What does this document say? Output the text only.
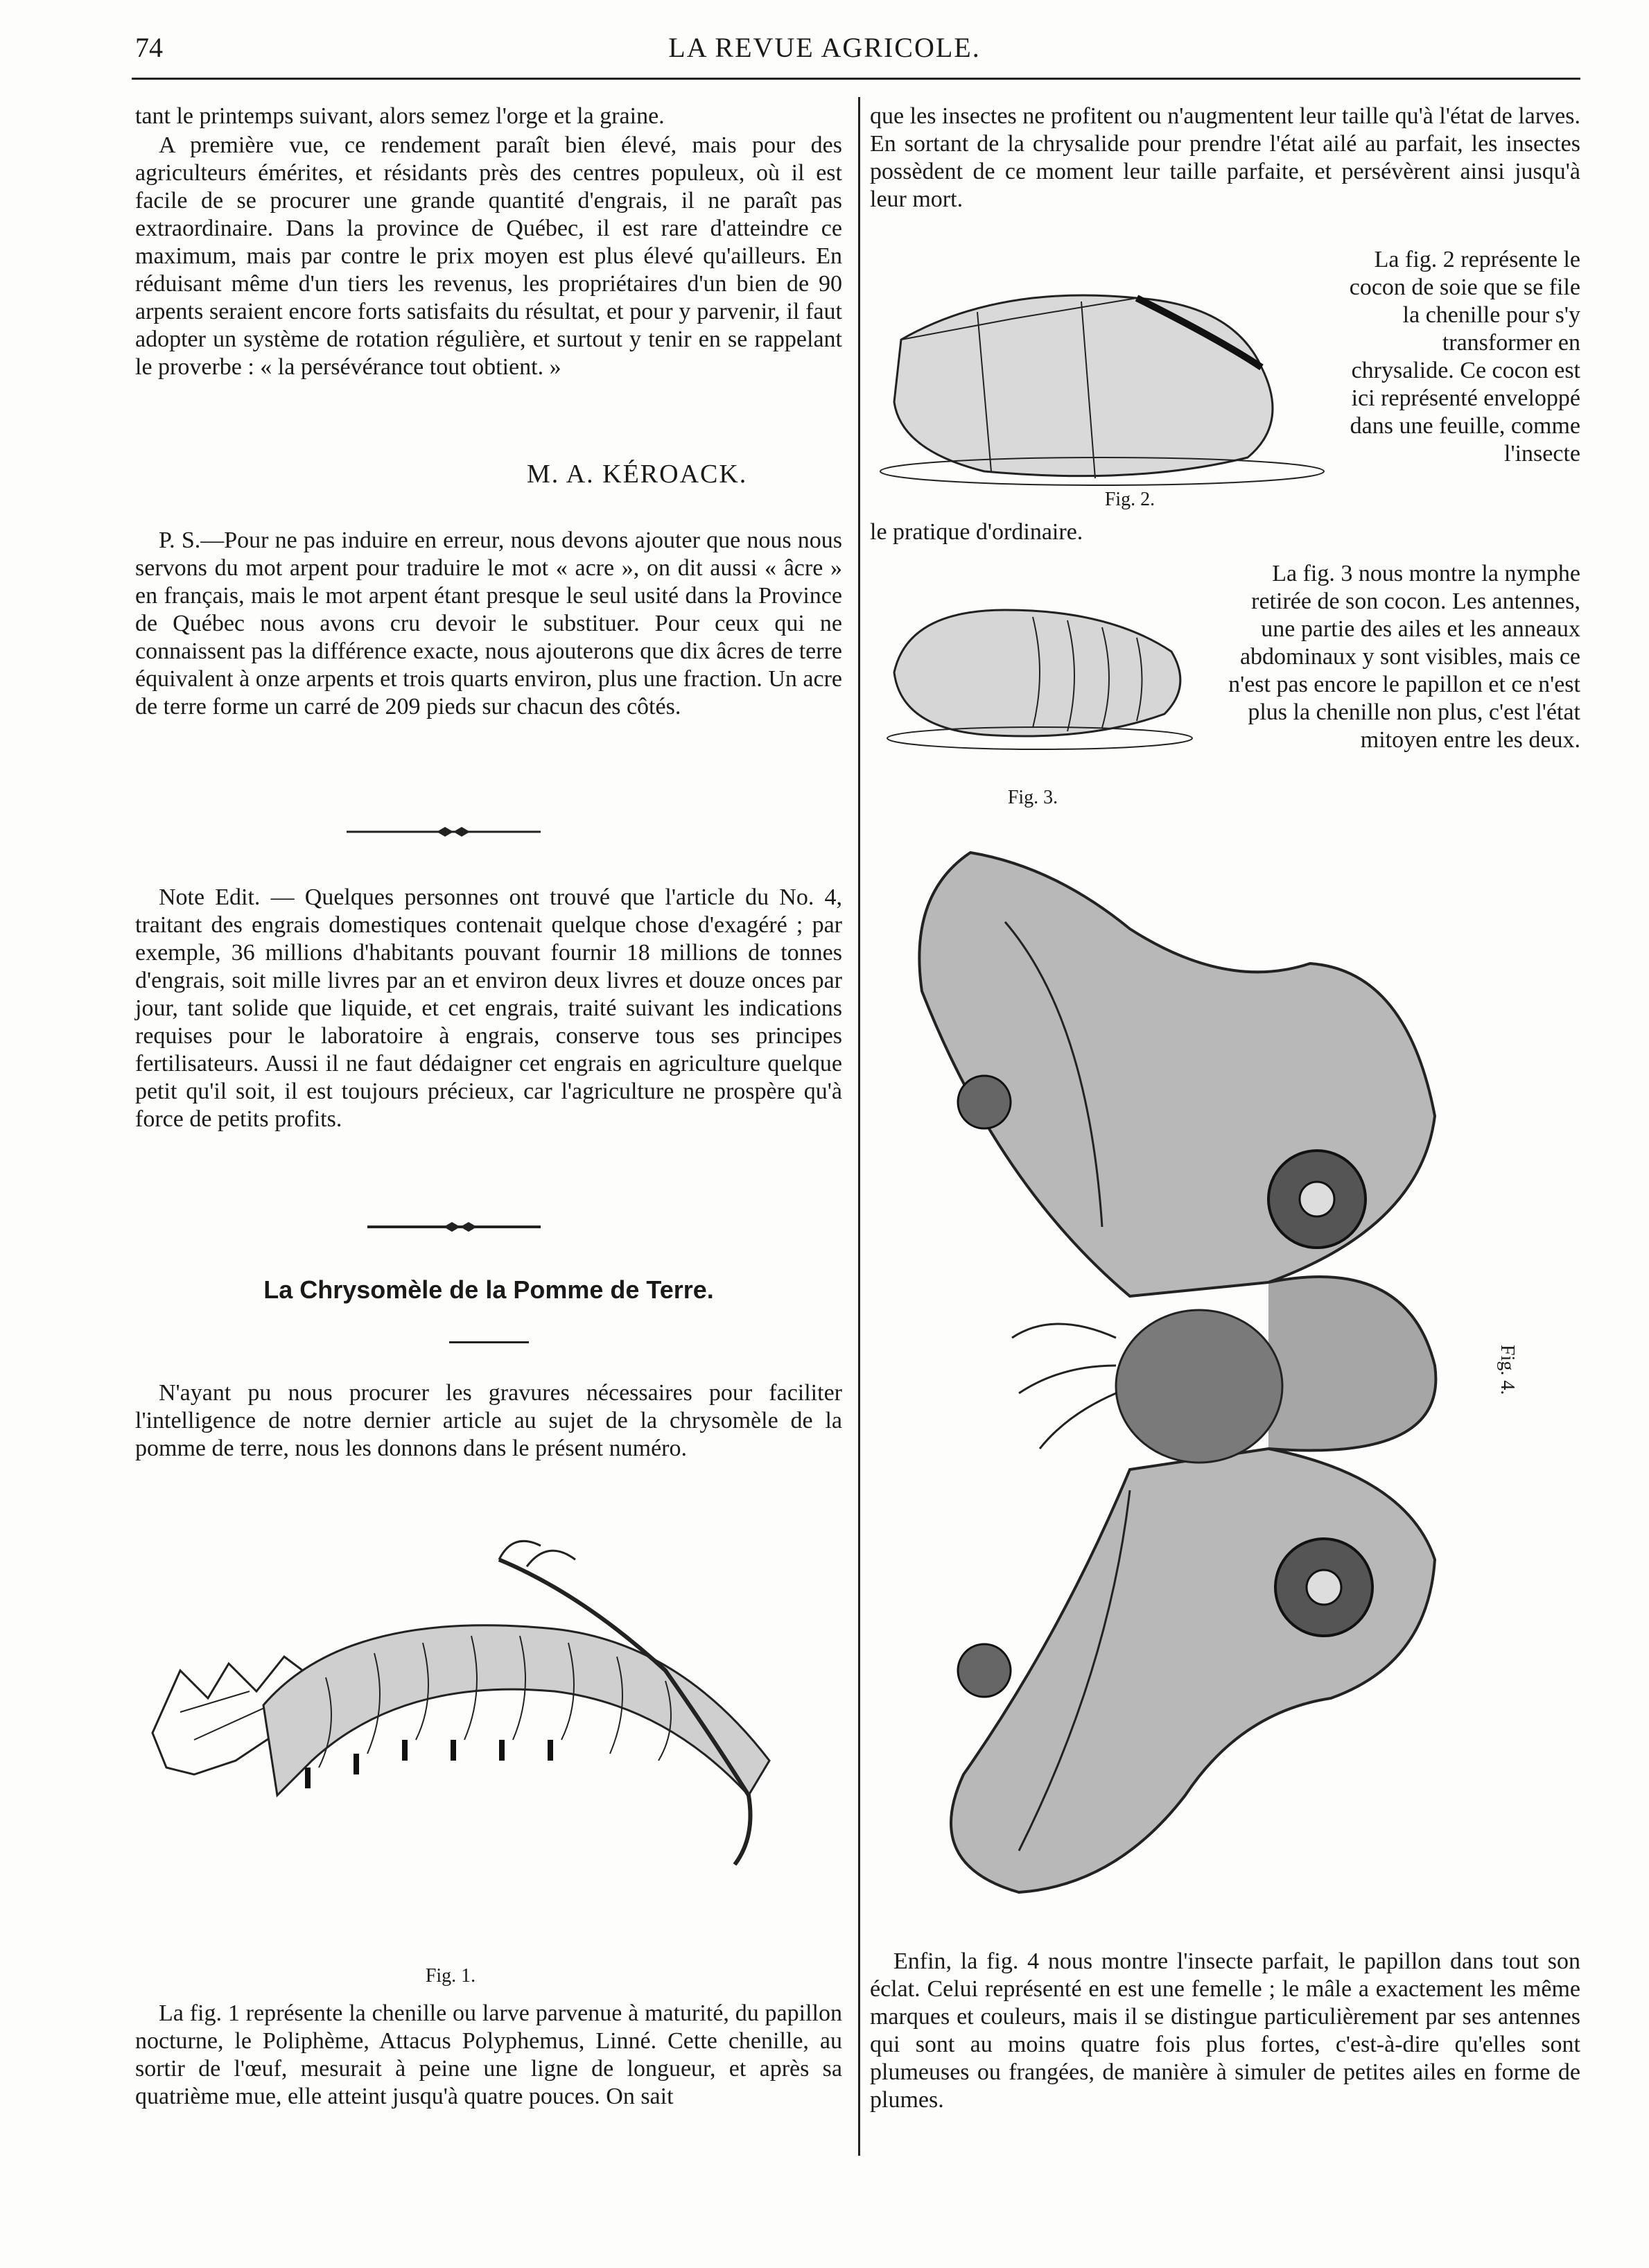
74	LA REVUE AGRICOLE.

tant le printemps suivant, alors semez l'orge et la graine.

A première vue, ce rendement paraît bien élevé, mais pour des agriculteurs émérites, et résidants près des centres populeux, où il est facile de se procurer une grande quantité d'engrais, il ne paraît pas extraordinaire. Dans la province de Québec, il est rare d'atteindre ce maximum, mais par contre le prix moyen est plus élevé qu'ailleurs. En réduisant même d'un tiers les revenus, les propriétaires d'un bien de 90 arpents seraient encore forts satisfaits du résultat, et pour y parvenir, il faut adopter un système de rotation régulière, et surtout y tenir en se rappelant le proverbe : « la persévérance tout obtient. »

M. A. KÉROACK.

P. S.—Pour ne pas induire en erreur, nous devons ajouter que nous nous servons du mot arpent pour traduire le mot « acre », on dit aussi « âcre » en français, mais le mot arpent étant presque le seul usité dans la Province de Québec nous avons cru devoir le substituer. Pour ceux qui ne connaissent pas la différence exacte, nous ajouterons que dix âcres de terre équivalent à onze arpents et trois quarts environ, plus une fraction. Un acre de terre forme un carré de 209 pieds sur chacun des côtés.

Note Edit. — Quelques personnes ont trouvé que l'article du No. 4, traitant des engrais domestiques contenait quelque chose d'exagéré ; par exemple, 36 millions d'habitants pouvant fournir 18 millions de tonnes d'engrais, soit mille livres par an et environ deux livres et douze onces par jour, tant solide que liquide, et cet engrais, traité suivant les indications requises pour le laboratoire à engrais, conserve tous ses principes fertilisateurs. Aussi il ne faut dédaigner cet engrais en agriculture quelque petit qu'il soit, il est toujours précieux, car l'agriculture ne prospère qu'à force de petits profits.

La Chrysomèle de la Pomme de Terre.

N'ayant pu nous procurer les gravures nécessaires pour faciliter l'intelligence de notre dernier article au sujet de la chrysomèle de la pomme de terre, nous les donnons dans le présent numéro.

Fig. 1.

La fig. 1 représente la chenille ou larve parvenue à maturité, du papillon nocturne, le Poliphème, Attacus Polyphemus, Linné. Cette chenille, au sortir de l'œuf, mesurait à peine une ligne de longueur, et après sa quatrième mue, elle atteint jusqu'à quatre pouces. On sait

que les insectes ne profitent ou n'augmentent leur taille qu'à l'état de larves. En sortant de la chrysalide pour prendre l'état ailé au parfait, les insectes possèdent de ce moment leur taille parfaite, et persévèrent ainsi jusqu'à leur mort.

Fig. 2.

La fig. 2 représente le cocon de soie que se file la chenille pour s'y transformer en chrysalide. Ce cocon est ici représenté enveloppé dans une feuille, comme l'insecte

le pratique d'ordinaire.

Fig. 3.

La fig. 3 nous montre la nymphe retirée de son cocon. Les antennes, une partie des ailes et les anneaux abdominaux y sont visibles, mais ce n'est pas encore le papillon et ce n'est plus la chenille non plus, c'est l'état mitoyen entre les deux.

Fig. 4.

Enfin, la fig. 4 nous montre l'insecte parfait, le papillon dans tout son éclat. Celui représenté en est une femelle ; le mâle a exactement les même marques et couleurs, mais il se distingue particulièrement par ses antennes qui sont au moins quatre fois plus fortes, c'est-à-dire qu'elles sont plumeuses ou frangées, de manière à simuler de petites ailes en forme de plumes.
